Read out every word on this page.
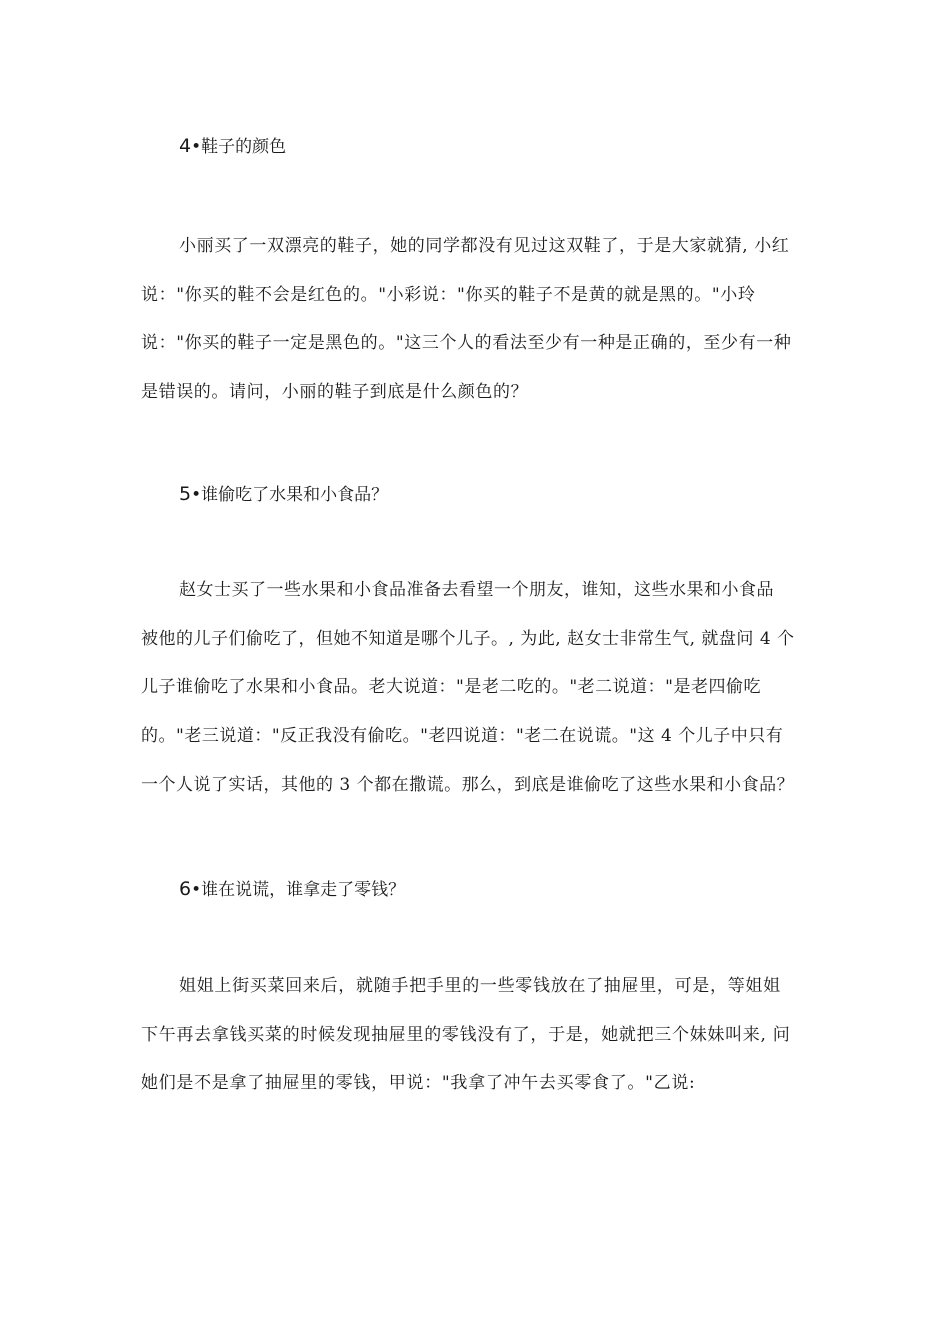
4•鞋子的颜色
小丽买了一双漂亮的鞋子，她的同学都没有见过这双鞋了，于是大家就猜, 小红
说："你买的鞋不会是红色的。"小彩说："你买的鞋子不是黄的就是黑的。"小玲
说："你买的鞋子一定是黑色的。"这三个人的看法至少有一种是正确的，至少有一种
是错误的。请问，小丽的鞋子到底是什么颜色的？
5•谁偷吃了水果和小食品？
赵女士买了一些水果和小食品准备去看望一个朋友，谁知，这些水果和小食品
被他的儿子们偷吃了，但她不知道是哪个儿子。, 为此, 赵女士非常生气, 就盘问 4 个
儿子谁偷吃了水果和小食品。老大说道："是老二吃的。"老二说道："是老四偷吃
的。"老三说道："反正我没有偷吃。"老四说道："老二在说谎。"这 4 个儿子中只有
一个人说了实话，其他的 3 个都在撒谎。那么，到底是谁偷吃了这些水果和小食品？
6•谁在说谎，谁拿走了零钱？
姐姐上街买菜回来后，就随手把手里的一些零钱放在了抽屉里，可是，等姐姐
下午再去拿钱买菜的时候发现抽屉里的零钱没有了，于是，她就把三个妹妹叫来, 问
她们是不是拿了抽屉里的零钱，甲说："我拿了冲午去买零食了。"乙说:
